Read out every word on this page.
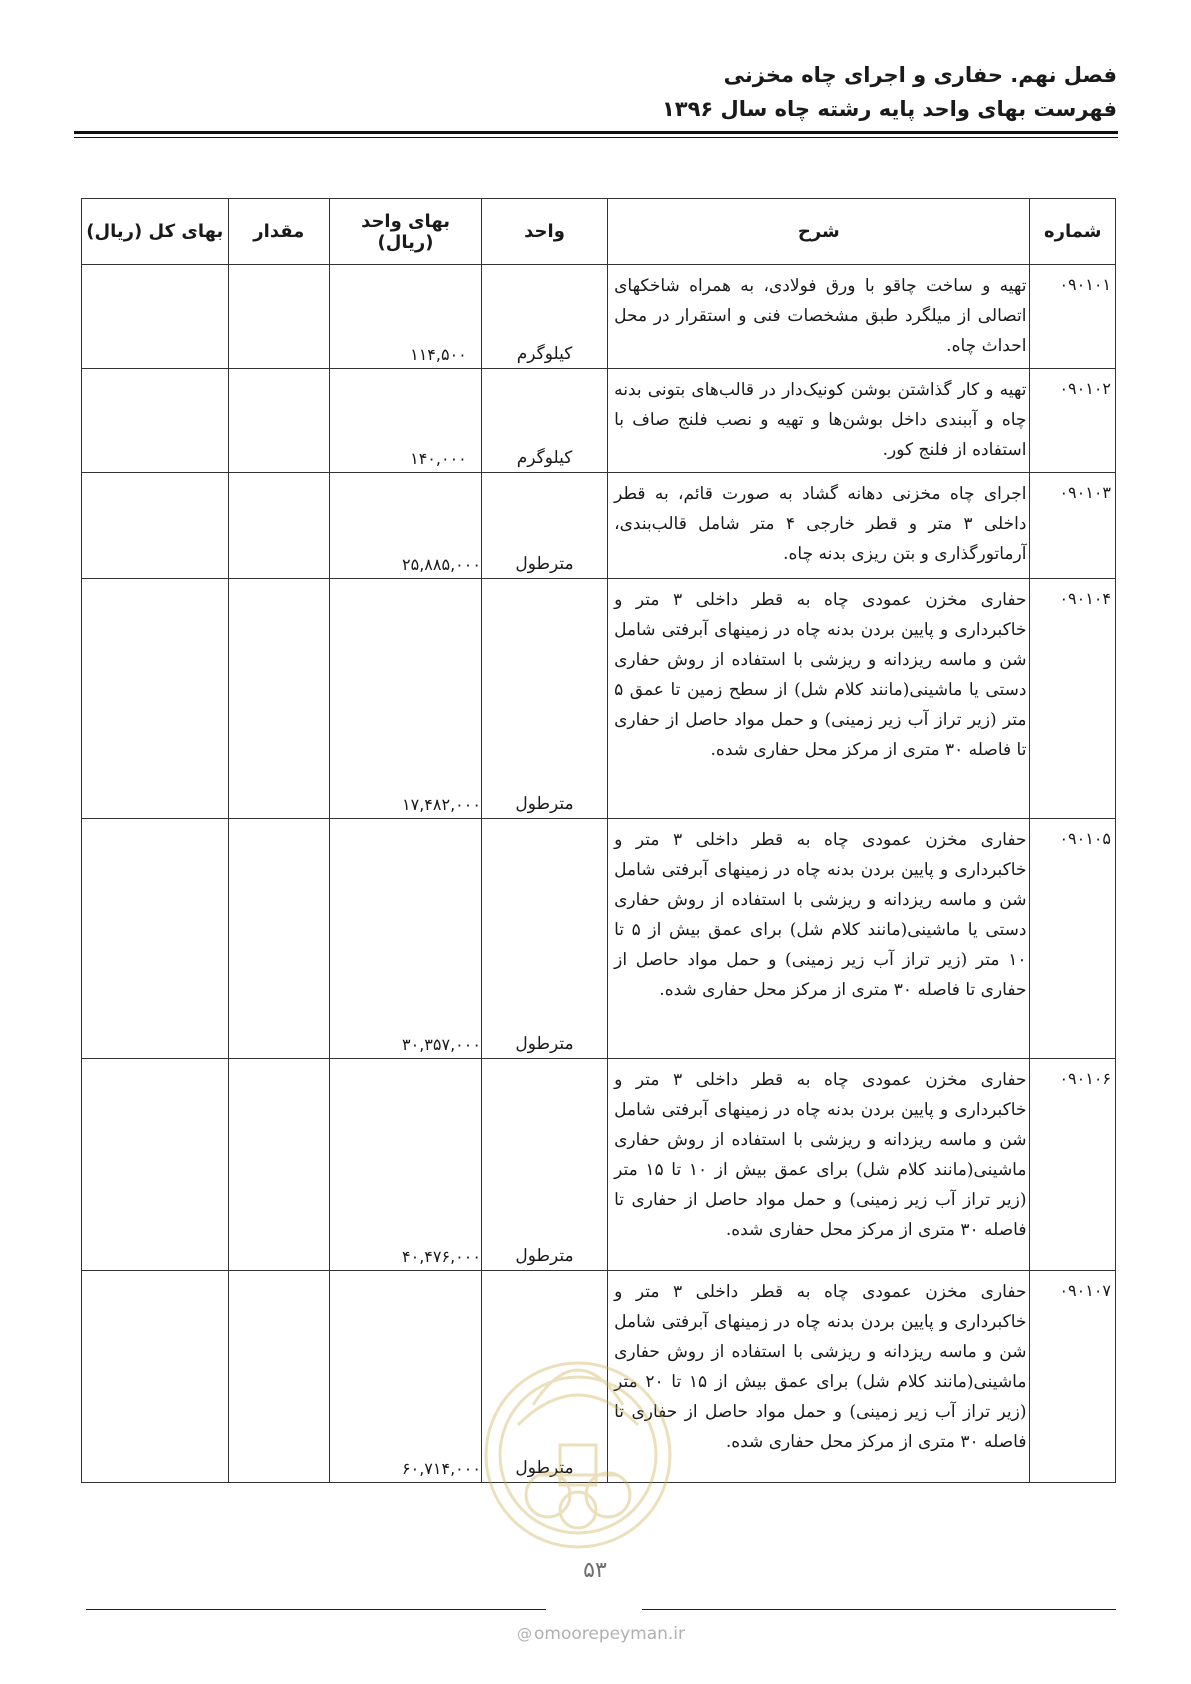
فصل نهم. حفاری و اجرای چاه مخزنی
فهرست بهای واحد پایه رشته چاه سال ۱۳۹۶
شماره	شرح	واحد	بهای واحد (ریال)	مقدار	بهای کل (ریال)
۰۹۰۱۰۱	تهیه و ساخت چاقو با ورق فولادی، به همراه شاخکهای اتصالی از میلگرد طبق مشخصات فنی و استقرار در محل احداث چاه.	کیلوگرم	۱۱۴,۵۰۰		
۰۹۰۱۰۲	تهیه و کار گذاشتن بوشن کونیک‌دار در قالب‌های بتونی بدنه چاه و آببندی داخل بوشن‌ها و تهیه و نصب فلنج صاف با استفاده از فلنج کور.	کیلوگرم	۱۴۰,۰۰۰		
۰۹۰۱۰۳	اجرای چاه مخزنی دهانه گشاد به صورت قائم، به قطر داخلی ۳ متر و قطر خارجی ۴ متر شامل قالب‌بندی، آرماتورگذاری و بتن ریزی بدنه چاه.	مترطول	۲۵,۸۸۵,۰۰۰		
۰۹۰۱۰۴	حفاری مخزن عمودی چاه به قطر داخلی ۳ متر و خاکبرداری و پایین بردن بدنه چاه در زمینهای آبرفتی شامل شن و ماسه ریزدانه و ریزشی با استفاده از روش حفاری دستی یا ماشینی(مانند کلام شل) از سطح زمین تا عمق ۵ متر (زیر تراز آب زیر زمینی) و حمل مواد حاصل از حفاری تا فاصله ۳۰ متری از مرکز محل حفاری شده.	مترطول	۱۷,۴۸۲,۰۰۰		
۰۹۰۱۰۵	حفاری مخزن عمودی چاه به قطر داخلی ۳ متر و خاکبرداری و پایین بردن بدنه چاه در زمینهای آبرفتی شامل شن و ماسه ریزدانه و ریزشی با استفاده از روش حفاری دستی یا ماشینی(مانند کلام شل) برای عمق بیش از ۵ تا ۱۰ متر (زیر تراز آب زیر زمینی) و حمل مواد حاصل از حفاری تا فاصله ۳۰ متری از مرکز محل حفاری شده.	مترطول	۳۰,۳۵۷,۰۰۰		
۰۹۰۱۰۶	حفاری مخزن عمودی چاه به قطر داخلی ۳ متر و خاکبرداری و پایین بردن بدنه چاه در زمینهای آبرفتی شامل شن و ماسه ریزدانه و ریزشی با استفاده از روش حفاری ماشینی(مانند کلام شل) برای عمق بیش از ۱۰ تا ۱۵ متر (زیر تراز آب زیر زمینی) و حمل مواد حاصل از حفاری تا فاصله ۳۰ متری از مرکز محل حفاری شده.	مترطول	۴۰,۴۷۶,۰۰۰		
۰۹۰۱۰۷	حفاری مخزن عمودی چاه به قطر داخلی ۳ متر و خاکبرداری و پایین بردن بدنه چاه در زمینهای آبرفتی شامل شن و ماسه ریزدانه و ریزشی با استفاده از روش حفاری ماشینی(مانند کلام شل) برای عمق بیش از ۱۵ تا ۲۰ متر (زیر تراز آب زیر زمینی) و حمل مواد حاصل از حفاری تا فاصله ۳۰ متری از مرکز محل حفاری شده.	مترطول	۶۰,۷۱۴,۰۰۰		
۵۳
@ omoorepeyman.ir
